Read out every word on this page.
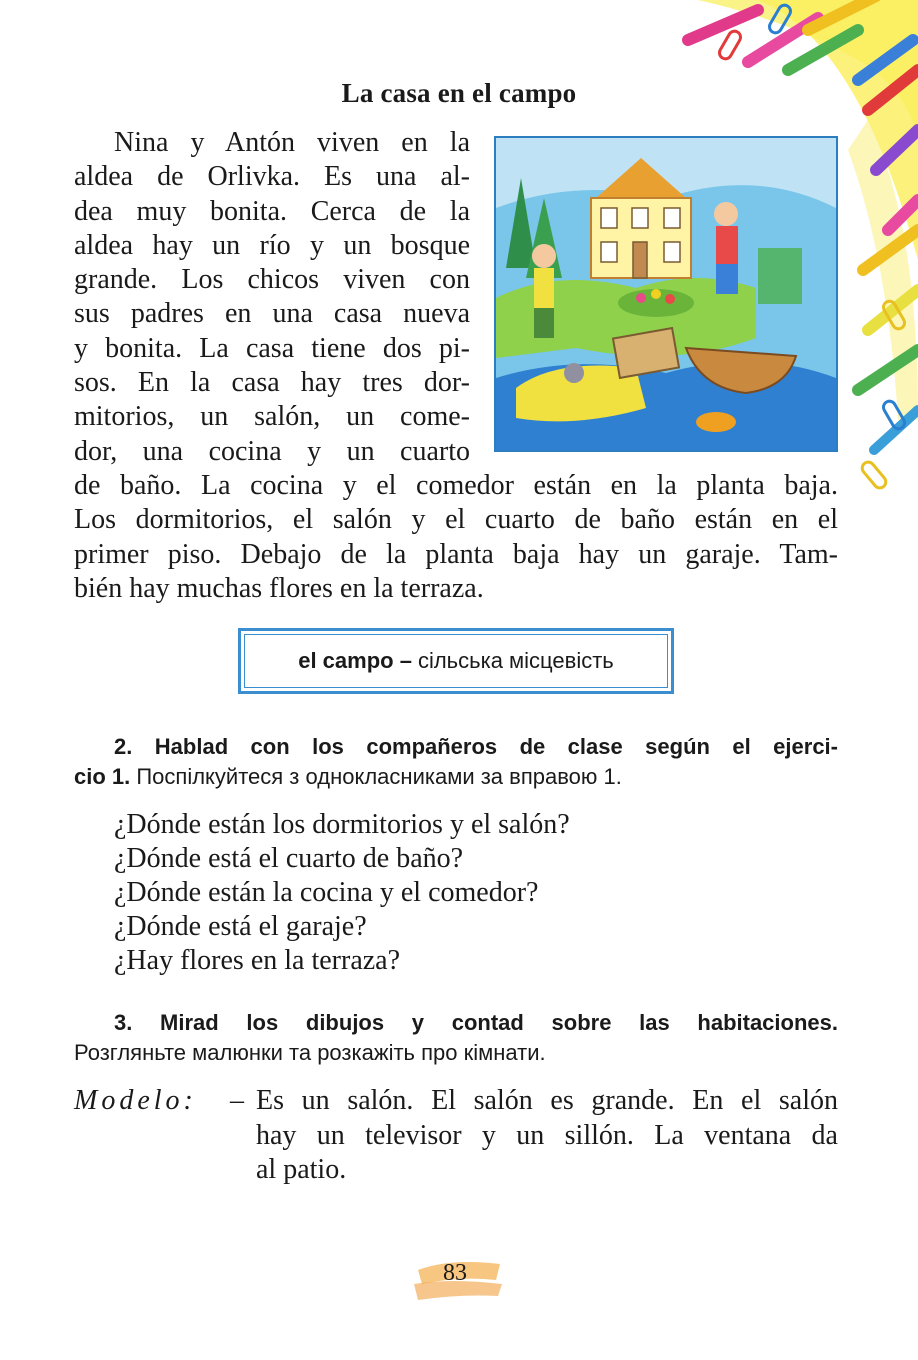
La casa en el campo
Nina y Antón viven en la
aldea de Orlivka. Es una al-
dea muy bonita. Cerca de la
aldea hay un río y un bosque
grande. Los chicos viven con
sus padres en una casa nueva
y bonita. La casa tiene dos pi-
sos. En la casa hay tres dor-
mitorios, un salón, un come-
dor, una cocina y un cuarto
de baño. La cocina y el comedor están en la planta baja.
Los dormitorios, el salón y el cuarto de baño están en el
primer piso. Debajo de la planta baja hay un garaje. Tam-
bién hay muchas flores en la terraza.
el campo – сільська місцевість
2. Hablad con los compañeros de clase según el ejerci-
cio 1. Поспілкуйтеся з однокласниками за вправою 1.
¿Dónde están los dormitorios y el salón?
¿Dónde está el cuarto de baño?
¿Dónde están la cocina y el comedor?
¿Dónde está el garaje?
¿Hay flores en la terraza?
3. Mirad los dibujos y contad sobre las habitaciones.
Розгляньте малюнки та розкажіть про кімнати.
Modelo: – Es un salón. El salón es grande. En el salón
hay un televisor y un sillón. La ventana da
al patio.
83
